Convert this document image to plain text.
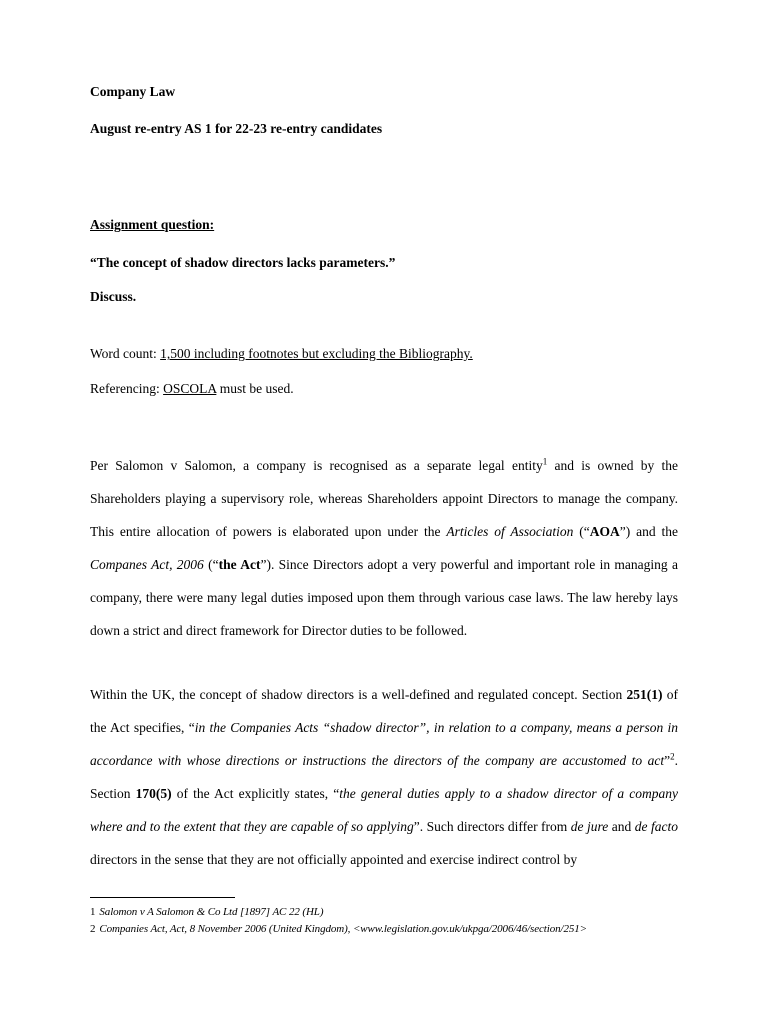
Company Law

August re-entry AS 1 for 22-23 re-entry candidates

Assignment question:

“The concept of shadow directors lacks parameters.”

Discuss.

Word count: 1,500 including footnotes but excluding the Bibliography.

Referencing: OSCOLA must be used.

Per Salomon v Salomon, a company is recognised as a separate legal entity$^1$ and is owned by the Shareholders playing a supervisory role, whereas Shareholders appoint Directors to manage the company. This entire allocation of powers is elaborated upon under the Articles of Association (“AOA”) and the Companes Act, 2006 (“the Act”). Since Directors adopt a very powerful and important role in managing a company, there were many legal duties imposed upon them through various case laws. The law hereby lays down a strict and direct framework for Director duties to be followed.

Within the UK, the concept of shadow directors is a well-defined and regulated concept. Section 251(1) of the Act specifies, “in the Companies Acts “shadow director”, in relation to a company, means a person in accordance with whose directions or instructions the directors of the company are accustomed to act”$^2$. Section 170(5) of the Act explicitly states, “the general duties apply to a shadow director of a company where and to the extent that they are capable of so applying”. Such directors differ from de jure and de facto directors in the sense that they are not officially appointed and exercise indirect control by

1 Salomon v A Salomon & Co Ltd [1897] AC 22 (HL)

2 Companies Act, Act, 8 November 2006 (United Kingdom), <www.legislation.gov.uk/ukpga/2006/46/section/251>
